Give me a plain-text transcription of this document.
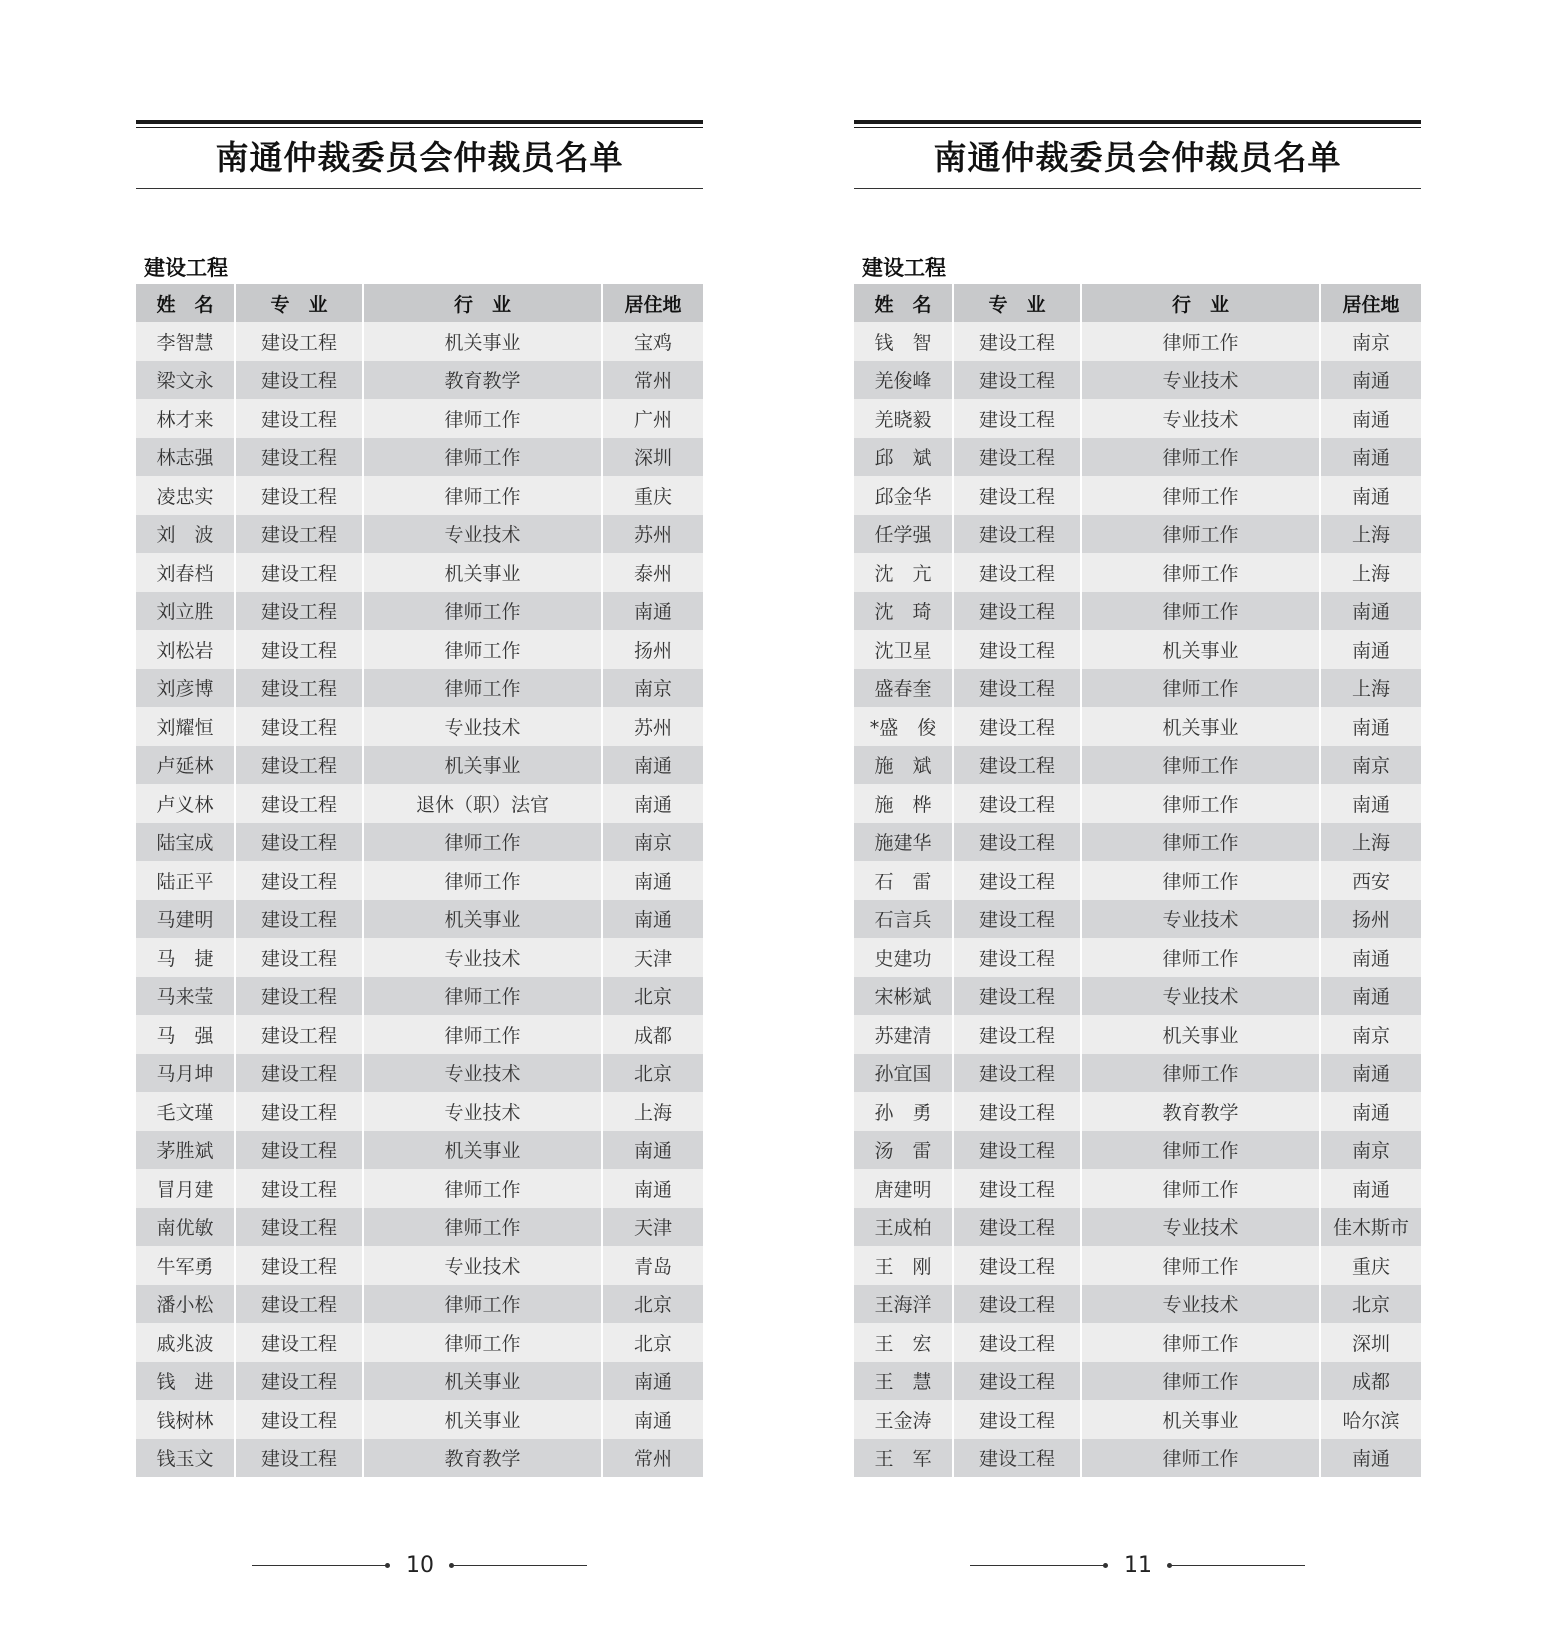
南通仲裁委员会仲裁员名单
建设工程
姓　名	专　业	行　业	居住地
李智慧	建设工程	机关事业	宝鸡
梁文永	建设工程	教育教学	常州
林才来	建设工程	律师工作	广州
林志强	建设工程	律师工作	深圳
凌忠实	建设工程	律师工作	重庆
刘　波	建设工程	专业技术	苏州
刘春档	建设工程	机关事业	泰州
刘立胜	建设工程	律师工作	南通
刘松岩	建设工程	律师工作	扬州
刘彦博	建设工程	律师工作	南京
刘耀恒	建设工程	专业技术	苏州
卢延林	建设工程	机关事业	南通
卢义林	建设工程	退休（职）法官	南通
陆宝成	建设工程	律师工作	南京
陆正平	建设工程	律师工作	南通
马建明	建设工程	机关事业	南通
马　捷	建设工程	专业技术	天津
马来莹	建设工程	律师工作	北京
马　强	建设工程	律师工作	成都
马月坤	建设工程	专业技术	北京
毛文瑾	建设工程	专业技术	上海
茅胜斌	建设工程	机关事业	南通
冒月建	建设工程	律师工作	南通
南优敏	建设工程	律师工作	天津
牛军勇	建设工程	专业技术	青岛
潘小松	建设工程	律师工作	北京
戚兆波	建设工程	律师工作	北京
钱　进	建设工程	机关事业	南通
钱树林	建设工程	机关事业	南通
钱玉文	建设工程	教育教学	常州
10
南通仲裁委员会仲裁员名单
建设工程
姓　名	专　业	行　业	居住地
钱　智	建设工程	律师工作	南京
羌俊峰	建设工程	专业技术	南通
羌晓毅	建设工程	专业技术	南通
邱　斌	建设工程	律师工作	南通
邱金华	建设工程	律师工作	南通
任学强	建设工程	律师工作	上海
沈　亢	建设工程	律师工作	上海
沈　琦	建设工程	律师工作	南通
沈卫星	建设工程	机关事业	南通
盛春奎	建设工程	律师工作	上海
*盛　俊	建设工程	机关事业	南通
施　斌	建设工程	律师工作	南京
施　桦	建设工程	律师工作	南通
施建华	建设工程	律师工作	上海
石　雷	建设工程	律师工作	西安
石言兵	建设工程	专业技术	扬州
史建功	建设工程	律师工作	南通
宋彬斌	建设工程	专业技术	南通
苏建清	建设工程	机关事业	南京
孙宜国	建设工程	律师工作	南通
孙　勇	建设工程	教育教学	南通
汤　雷	建设工程	律师工作	南京
唐建明	建设工程	律师工作	南通
王成柏	建设工程	专业技术	佳木斯市
王　刚	建设工程	律师工作	重庆
王海洋	建设工程	专业技术	北京
王　宏	建设工程	律师工作	深圳
王　慧	建设工程	律师工作	成都
王金涛	建设工程	机关事业	哈尔滨
王　军	建设工程	律师工作	南通
11
